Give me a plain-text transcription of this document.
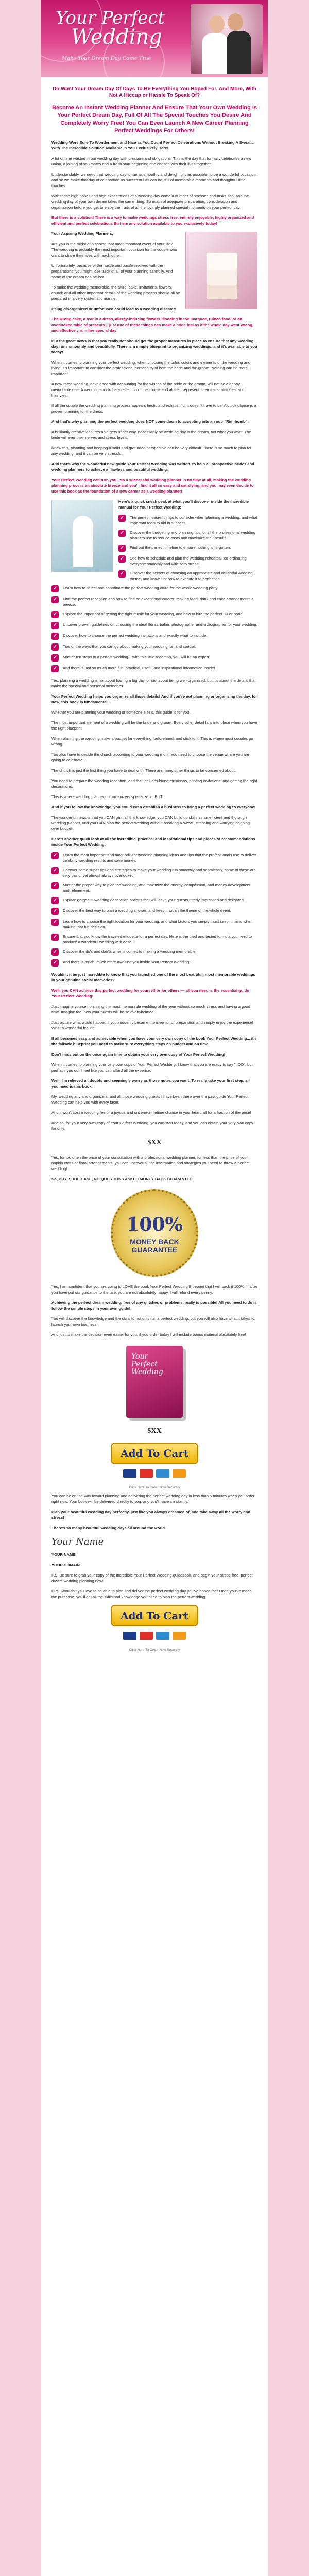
Your Perfect
Wedding
Make Your Dream Day Come True
Do Want Your Dream Day Of Days To Be Everything You Hoped For, And More, With Not A Hiccup or Hassle To Speak Of?
Become An Instant Wedding Planner And Ensure That Your Own Wedding Is Your Perfect Dream Day, Full Of All The Special Touches You Desire And Completely Worry Free! You Can Even Launch A New Career Planning Perfect Weddings For Others!

Wedding Were Sure To Wonderment and Nice as You Count Perfect Celebrations Without Breaking A Sweat... With The Incredible Solution Available In You Exclusively Here!

A lot of time wasted in our wedding day with pleasure and obligations. This is the day that formally celebrates a new union, a joining of soulmates and a fresh start beginning one chosen with their lives together.

Understandably, we need that wedding day to run as smoothly and delightfully as possible, to be a wonderful occasion, and so we make that day of celebration as successful as can be, full of memorable moments and thoughtful little touches.

With these high hopes and high expectations of a wedding day come a number of stresses and tasks, too, and the wedding day of your own dream takes the same thing. So much of adequate preparation, consideration and organization before you get to enjoy the fruits of all the lovingly planned special moments on your perfect day.

But there is a solution! There is a way to make weddings stress free, entirely enjoyable, highly organized and efficient and perfect celebrations that are any solution available to you exclusively today!

Your Aspiring Wedding Planners,

Are you in the midst of planning that most important event of your life? The wedding is probably the most important occasion for the couple who want to share their lives with each other.

Unfortunately, because of the hustle and bustle involved with the preparations, you might lose track of all of your planning carefully. And some of the dream can be lost.

To make the wedding memorable, the attire, cake, invitations, flowers, church and all other important details of the wedding process should all be prepared in a very systematic manner.

Being disorganized or unfocused could lead to a wedding disaster!

The wrong cake, a tear in a dress, allergy-inducing flowers, flooding in the marquee, ruined food, or an overlooked table of presents... just one of these things can make a bride feel as if the whole day went wrong, and effectively ruin her special day!

But the great news is that you really not should get the proper measures in place to ensure that any wedding day runs smoothly and beautifully. There is a simple blueprint to organizing weddings, and it's available to you today!

When it comes to planning your perfect wedding, when choosing the color, colors and elements of the wedding and living, it's important to consider the professional personality of both the bride and the groom. Nothing can be more important.

A new-rated wedding, developed with accounting for the wishes of the bride or the groom, will not be a happy memorable one. A wedding should be a reflection of the couple and all their represent, their traits, attitudes, and lifestyles.

If all the couple the wedding planning process appears hectic and exhausting, it doesn't have to be! A quick glance is a proven planning for the dress.

And that's why planning the perfect wedding does NOT come down to accepting into an out- "Rim-bomb"!

A brilliantly creative ensures able gets of her way, necessarily be wedding day is the dream, not what you want. The bride will ever their nerves and stress levels.

Know this, planning and keeping a solid and grounded perspective can be very difficult. There is so much to plan for any wedding, and it can be very stressful.

And that's why the wonderful new guide Your Perfect Wedding was written, to help all prospective brides and wedding planners to achieve a flawless and beautiful wedding.

Your Perfect Wedding can turn you into a successful wedding planner in no time at all, making the wedding planning process an absolute breeze and you'll find it all so easy and satisfying, and you may even decide to use this book as the foundation of a new career as a wedding planner!

Here's a quick sneak peak at what you'll discover inside the incredible manual for Your Perfect Wedding:

✓	The perfect, secret things to consider when planning a wedding, and what important tools to aid in success.
✓	Discover the budgeting and planning tips for all the professional wedding planners use to reduce costs and maximize their results.
✓	Find out the perfect timeline to ensure nothing is forgotten.
✓	See how to schedule and plan the wedding rehearsal, co-ordinating everyone smoothly and with zero stress.
✓	Discover the secrets of choosing an appropriate and delightful wedding theme, and know just how to execute it to perfection.
✓	Learn how to select and coordinate the perfect wedding attire for the whole wedding party.
✓	Find the perfect reception and how to find an exceptional caterer, making food, drink and cake arrangements a breeze.
✓	Explore the important of getting the right music for your wedding, and how to hire the perfect DJ or band.
✓	Uncover proven guidelines on choosing the ideal florist, baker, photographer and videographer for your wedding.
✓	Discover how to choose the perfect wedding invitations and exactly what to include.
✓	Tips of the ways that you can go about making your wedding fun and special.
✓	Master ten steps to a perfect wedding... with this little roadmap, you will be an expert.
✓	And there is just so much more fun, practical, useful and inspirational information inside!

Yes, planning a wedding is not about having a big day, or just about being well-organized, but it's about the details that make the special and personal memories.

Your Perfect Wedding helps you organize all those details! And if you're not planning or organizing the day, for now, this book is fundamental.

Whether you are planning your wedding or someone else's, this guide is for you.

The most important element of a wedding will be the bride and groom. Every other detail falls into place when you have the right blueprint.

When planning the wedding make a budget for everything, beforehand, and stick to it. This is where most couples go wrong.

You also have to decide the church according to your wedding motif. You need to choose the venue where you are going to celebrate.

The church is just the first thing you have to deal with. There are many other things to be concerned about.

You need to prepare the wedding reception, and that includes hiring musicians, printing invitations, and getting the right decorations.

This is where wedding planners or organizers specialize in. BUT:

And if you follow the knowledge, you could even establish a business to bring a perfect wedding to everyone!

The wonderful news is that you CAN gain all this knowledge, you CAN build up skills as an efficient and thorough wedding planner, and you CAN plan the perfect wedding without breaking a sweat, stressing and worrying or going over budget!

Here's another quick look at all the incredible, practical and inspirational tips and pieces of recommendations inside Your Perfect Wedding:

✓	Learn the most important and most brilliant wedding planning ideas and tips that the professionals use to deliver celebrity wedding results and save money.
✓	Uncover some super tips and strategies to make your wedding run smoothly and seamlessly, some of these are very basic, yet almost always overlooked!
✓	Master the proper way to plan the wedding, and maximize the energy, compassion, and money development and refinement.
✓	Explore gorgeous wedding decoration options that will leave your guests utterly impressed and delighted.
✓	Discover the best way to plan a wedding shower, and keep it within the theme of the whole event.
✓	Learn how to choose the right location for your wedding, and what factors you simply must keep in mind when making that big decision.
✓	Ensure that you know the traveled etiquette for a perfect day. Here is the tried and tested formula you need to produce a wonderful wedding with ease!
✓	Discover the do's and don'ts when it comes to making a wedding memorable.
✓	And there is much, much more awaiting you inside Your Perfect Wedding!

Wouldn't it be just incredible to know that you launched one of the most beautiful, most memorable weddings in your genuine social memories?

Well, you CAN achieve this perfect wedding for yourself or for others — all you need is the essential guide Your Perfect Wedding!

Just imagine yourself planning the most memorable wedding of the year without so much stress and having a good time. Imagine too, how your guests will be so overwhelmed.

Just picture what would happen if you suddenly became the inventor of preparation and simply enjoy the experience! What a wonderful feeling!

If all becomes easy and achievable when you have your very own copy of the book Your Perfect Wedding... it's the failsafe blueprint you need to make sure everything stays on budget and on time.

Don't miss out on the once-again time to obtain your very own copy of Your Perfect Wedding!

When it comes to planning your very own copy of Your Perfect Wedding, I know that you are ready to say "I DO", but perhaps you don't feel like you can afford all the expense.

Well, I'm relieved all doubts and seemingly worry as those notes you want. To really take your first step, all you need is this book.

My, wedding any and organizers, and all those wedding guests I have been there over the past guide Your Perfect Wedding can help you with every facet.

And it won't cost a wedding fee or a joyous and once-in-a-lifetime chance in your heart, all for a fraction of the price!

And so, for your very own copy of Your Perfect Wedding, you can start today, and you can obtain your very own copy for only:

$XX

Yes, for too often the price of your consultation with a professional wedding planner, for less than the price of your napkin costs or floral arrangements, you can uncover all the information and strategies you need to throw a perfect wedding!

So, BUY, SHOE CASE, NO QUESTIONS ASKED MONEY BACK GUARANTEE!

100%
MONEY BACK
GUARANTEE

Yes, I am confident that you are going to LOVE the book Your Perfect Wedding Blueprint that I will back it 100%. If after you have put our guidance to the use, you are not absolutely happy, I will refund every penny.

Achieving the perfect dream wedding, free of any glitches or problems, really is possible! All you need to do is follow the simple steps in your own guide!

You will discover the knowledge and the skills to not only run a perfect wedding, but you will also have what it takes to launch your own business.

And just to make the decision even easier for you, if you order today I will include bonus material absolutely free!

Your
Perfect
Wedding
$XX
Add To Cart

Click Here To Order Now Securely

You can be on the way toward planning and delivering the perfect wedding day in less than 5 minutes when you order right now. Your book will be delivered directly to you, and you'll have it instantly.

Plan your beautiful wedding day perfectly, just like you always dreamed of, and take away all the worry and stress!

There's so many beautiful wedding days all around the world.

Your Name

YOUR NAME

YOUR DOMAIN

P.S. Be sure to grab your copy of the incredible Your Perfect Wedding guidebook, and begin your stress-free, perfect, dream wedding planning now!

PPS. Wouldn't you love to be able to plan and deliver the perfect wedding day you've hoped for? Once you've made the purchase, you'll get all the skills and knowledge you need to plan the perfect wedding.

Add To Cart

Click Here To Order Now Securely
